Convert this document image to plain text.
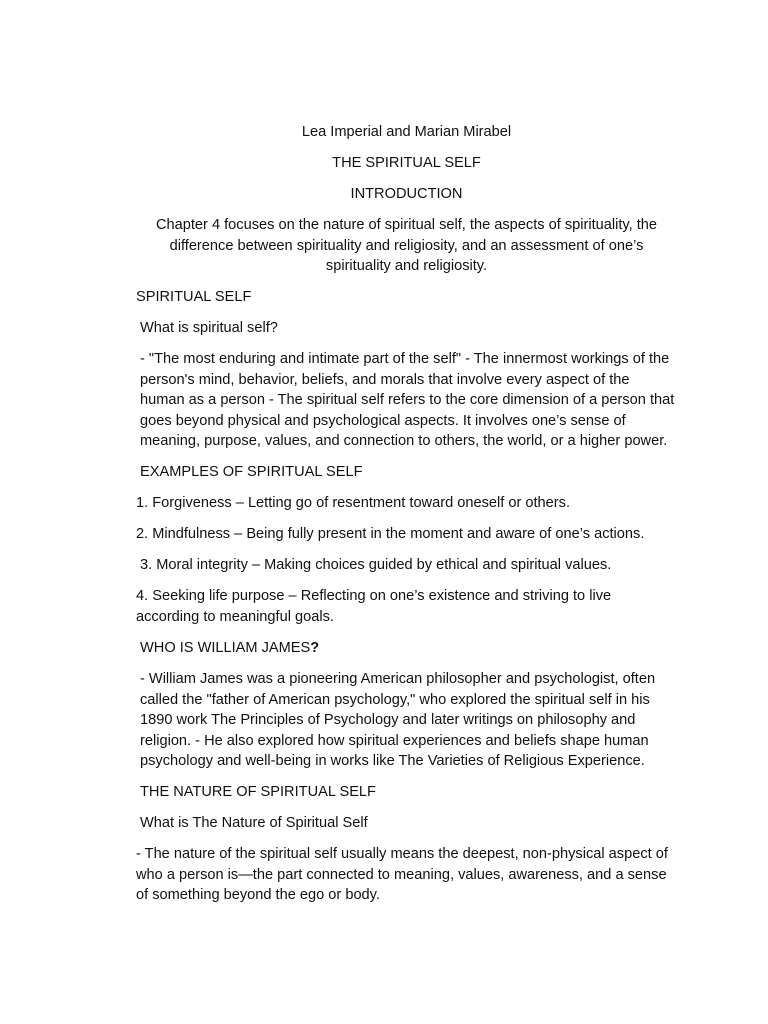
Lea Imperial and Marian Mirabel

THE SPIRITUAL SELF

INTRODUCTION

Chapter 4 focuses on the nature of spiritual self, the aspects of spirituality, the difference between spirituality and religiosity, and an assessment of one’s spirituality and religiosity.

SPIRITUAL SELF

What is spiritual self?

- "The most enduring and intimate part of the self" - The innermost workings of the person's mind, behavior, beliefs, and morals that involve every aspect of the human as a person - The spiritual self refers to the core dimension of a person that goes beyond physical and psychological aspects. It involves one’s sense of meaning, purpose, values, and connection to others, the world, or a higher power.

EXAMPLES OF SPIRITUAL SELF

1. Forgiveness – Letting go of resentment toward oneself or others.

2. Mindfulness – Being fully present in the moment and aware of one’s actions.

3. Moral integrity – Making choices guided by ethical and spiritual values.

4. Seeking life purpose – Reflecting on one’s existence and striving to live according to meaningful goals.

WHO IS WILLIAM JAMES?

- William James was a pioneering American philosopher and psychologist, often called the "father of American psychology," who explored the spiritual self in his 1890 work The Principles of Psychology and later writings on philosophy and religion. - He also explored how spiritual experiences and beliefs shape human psychology and well-being in works like The Varieties of Religious Experience.

THE NATURE OF SPIRITUAL SELF

What is The Nature of Spiritual Self

- The nature of the spiritual self usually means the deepest, non-physical aspect of who a person is—the part connected to meaning, values, awareness, and a sense of something beyond the ego or body.
